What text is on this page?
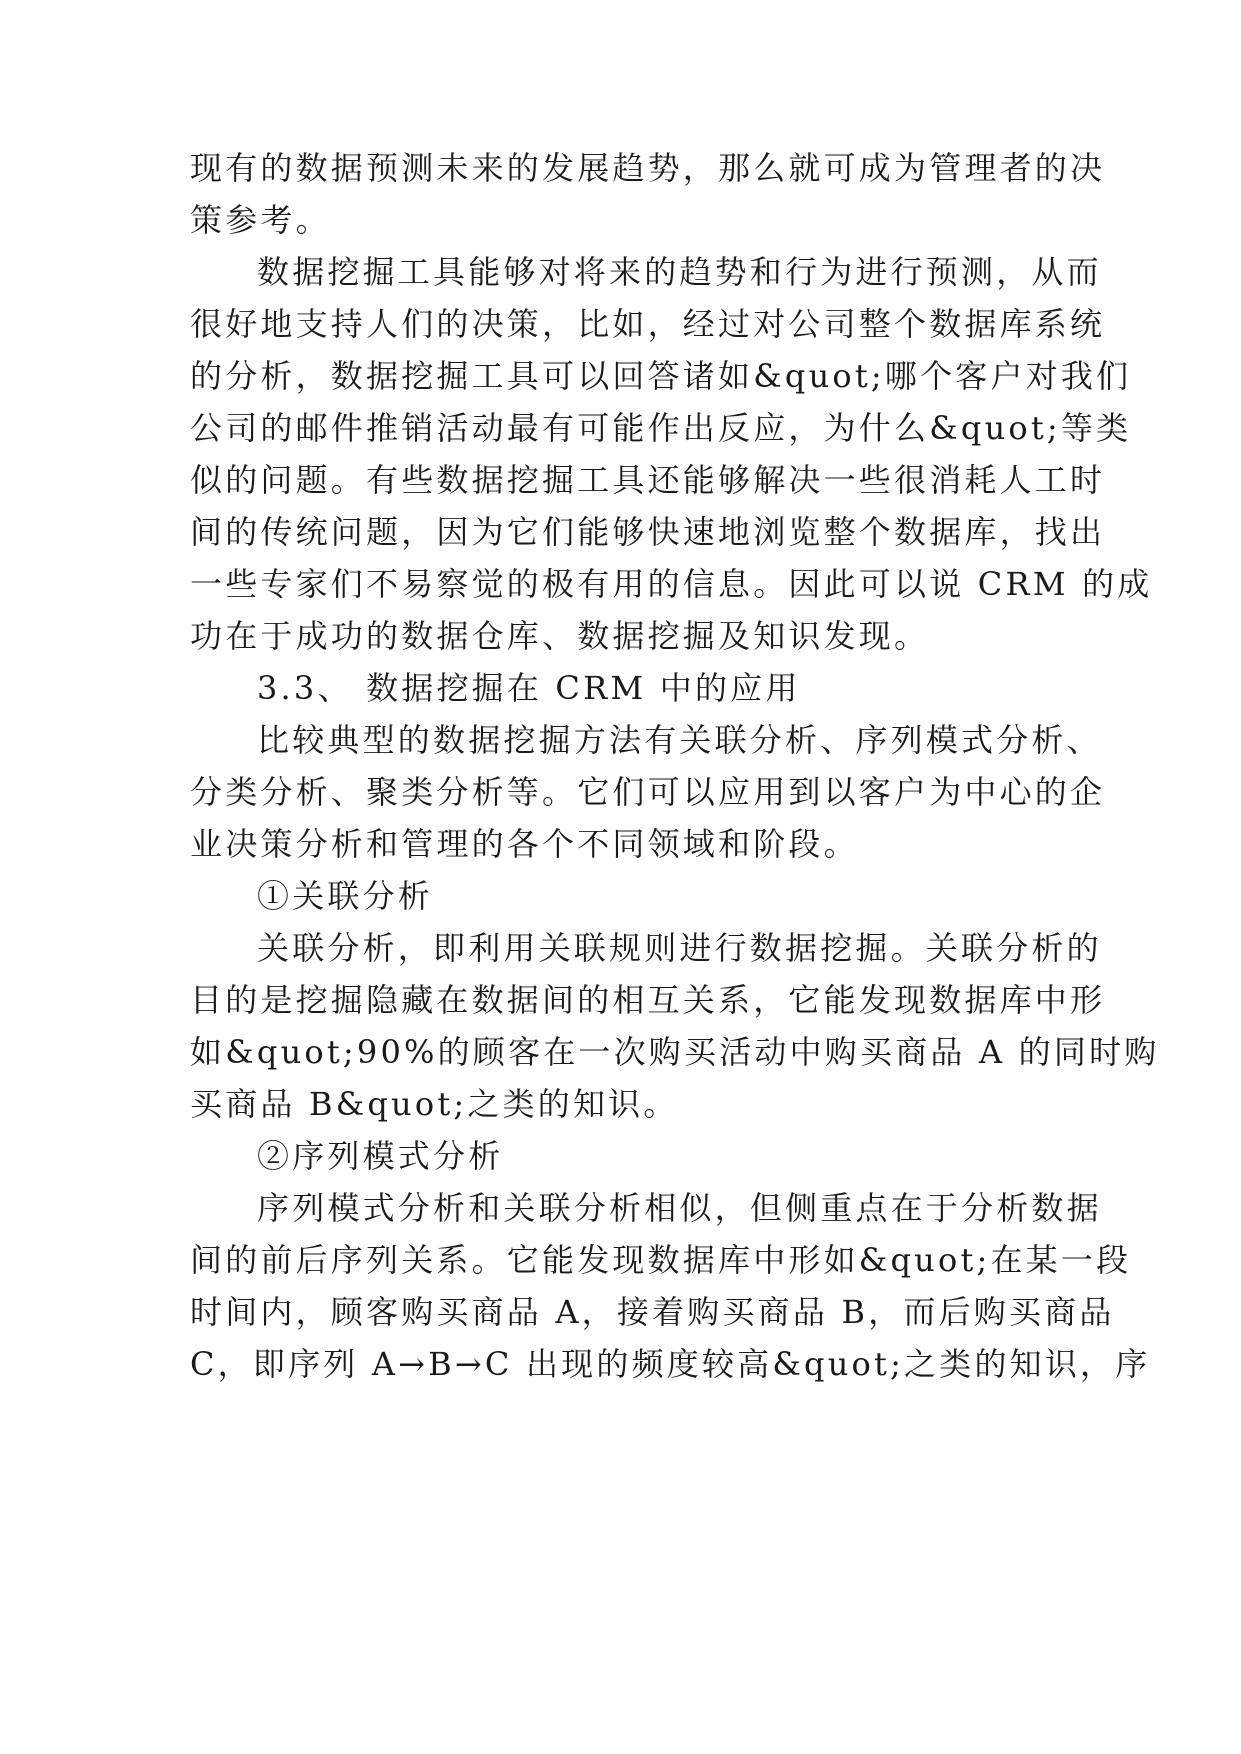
现有的数据预测未来的发展趋势，那么就可成为管理者的决
策参考。
数据挖掘工具能够对将来的趋势和行为进行预测，从而
很好地支持人们的决策，比如，经过对公司整个数据库系统
的分析，数据挖掘工具可以回答诸如&quot;哪个客户对我们
公司的邮件推销活动最有可能作出反应，为什么&quot;等类
似的问题。有些数据挖掘工具还能够解决一些很消耗人工时
间的传统问题，因为它们能够快速地浏览整个数据库，找出
一些专家们不易察觉的极有用的信息。因此可以说 CRM 的成
功在于成功的数据仓库、数据挖掘及知识发现。
3.3、 数据挖掘在 CRM 中的应用
比较典型的数据挖掘方法有关联分析、序列模式分析、
分类分析、聚类分析等。它们可以应用到以客户为中心的企
业决策分析和管理的各个不同领域和阶段。
①关联分析
关联分析，即利用关联规则进行数据挖掘。关联分析的
目的是挖掘隐藏在数据间的相互关系，它能发现数据库中形
如&quot;90%的顾客在一次购买活动中购买商品 A 的同时购
买商品 B&quot;之类的知识。
②序列模式分析
序列模式分析和关联分析相似，但侧重点在于分析数据
间的前后序列关系。它能发现数据库中形如&quot;在某一段
时间内，顾客购买商品 A，接着购买商品 B，而后购买商品
C，即序列 A→B→C 出现的频度较高&quot;之类的知识，序
